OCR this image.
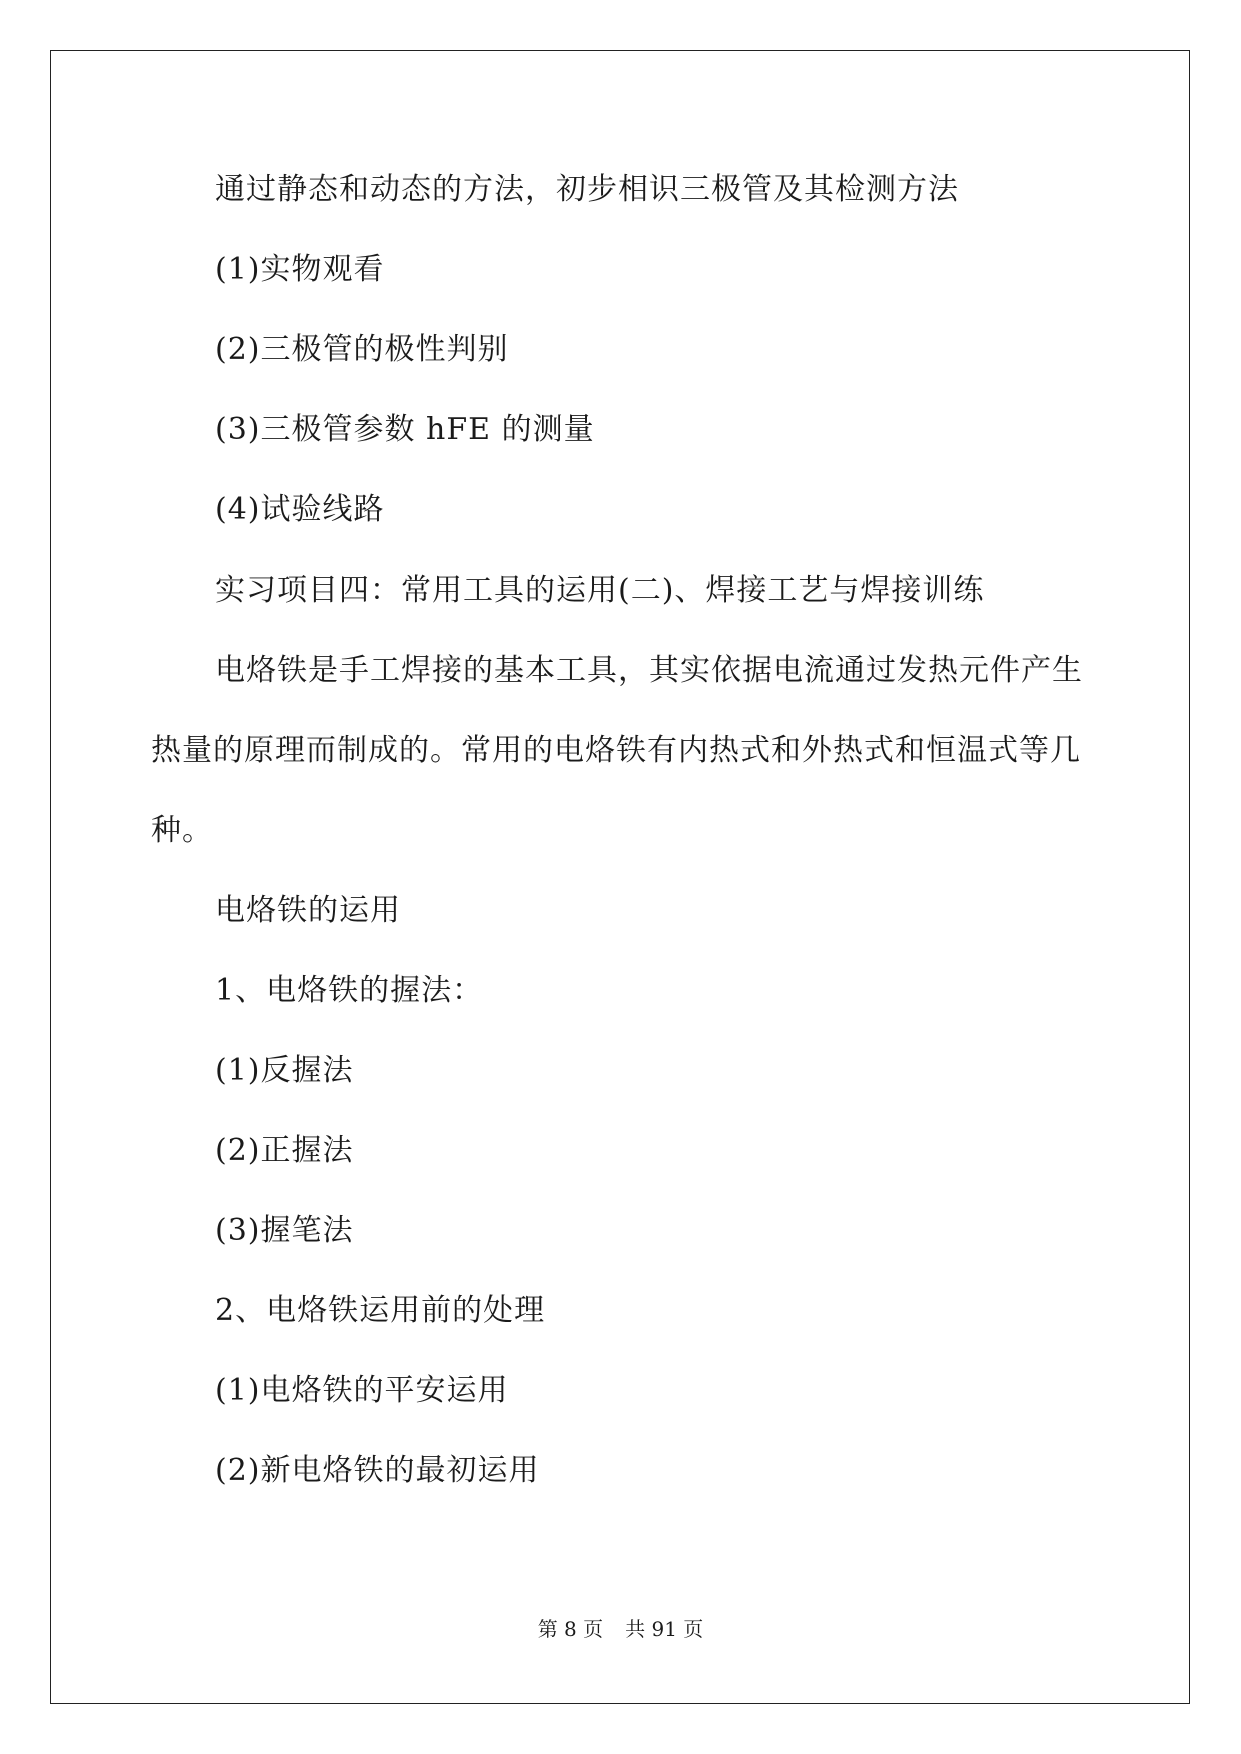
通过静态和动态的方法，初步相识三极管及其检测方法
(1)实物观看
(2)三极管的极性判别
(3)三极管参数 hFE 的测量
(4)试验线路
实习项目四：常用工具的运用(二)、焊接工艺与焊接训练
电烙铁是手工焊接的基本工具，其实依据电流通过发热元件产生
热量的原理而制成的。常用的电烙铁有内热式和外热式和恒温式等几
种。
电烙铁的运用
1、电烙铁的握法：
(1)反握法
(2)正握法
(3)握笔法
2、电烙铁运用前的处理
(1)电烙铁的平安运用
(2)新电烙铁的最初运用
第 8 页 共 91 页
